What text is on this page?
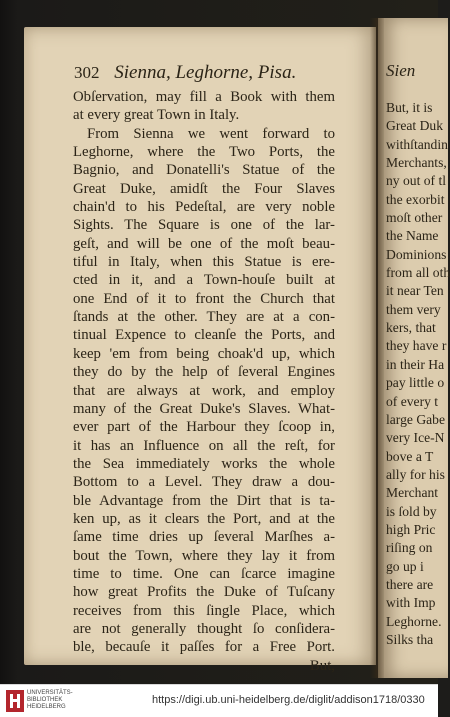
302 Sienna, Leghorne, Pisa.
Obſervation, may fill a Book with them
at every great Town in Italy.
From Sienna we went forward to
Leghorne, where the Two Ports, the
Bagnio, and Donatelli's Statue of the
Great Duke, amidſt the Four Slaves
chain'd to his Pedeſtal, are very noble
Sights. The Square is one of the lar-
geſt, and will be one of the moſt beau-
tiful in Italy, when this Statue is ere-
cted in it, and a Town-houſe built at
one End of it to front the Church that
ſtands at the other. They are at a con-
tinual Expence to cleanſe the Ports, and
keep 'em from being choak'd up, which
they do by the help of ſeveral Engines
that are always at work, and employ
many of the Great Duke's Slaves. What-
ever part of the Harbour they ſcoop in,
it has an Influence on all the reſt, for
the Sea immediately works the whole
Bottom to a Level. They draw a dou-
ble Advantage from the Dirt that is ta-
ken up, as it clears the Port, and at the
ſame time dries up ſeveral Marſhes a-
bout the Town, where they lay it from
time to time. One can ſcarce imagine
how great Profits the Duke of Tuſcany
receives from this ſingle Place, which
are not generally thought ſo conſidera-
ble, becauſe it paſſes for a Free Port.
But,
Sien
But, it is
Great Duk
withſtandin
Merchants,
ny out of tl
the exorbit
moſt other
the Name
Dominions
from all oth
it near Ten
them very
kers, that
they have r
in their Ha
pay little o
of every t
large Gabe
very Ice-N
bove a T
ally for his
Merchant
is ſold by
high Pric
riſing on
go up i
there are
with Imp
Leghorne.
Silks tha
UNIVERSITÄTS-
BIBLIOTHEK
HEIDELBERG
https://digi.ub.uni-heidelberg.de/diglit/addison1718/0330
